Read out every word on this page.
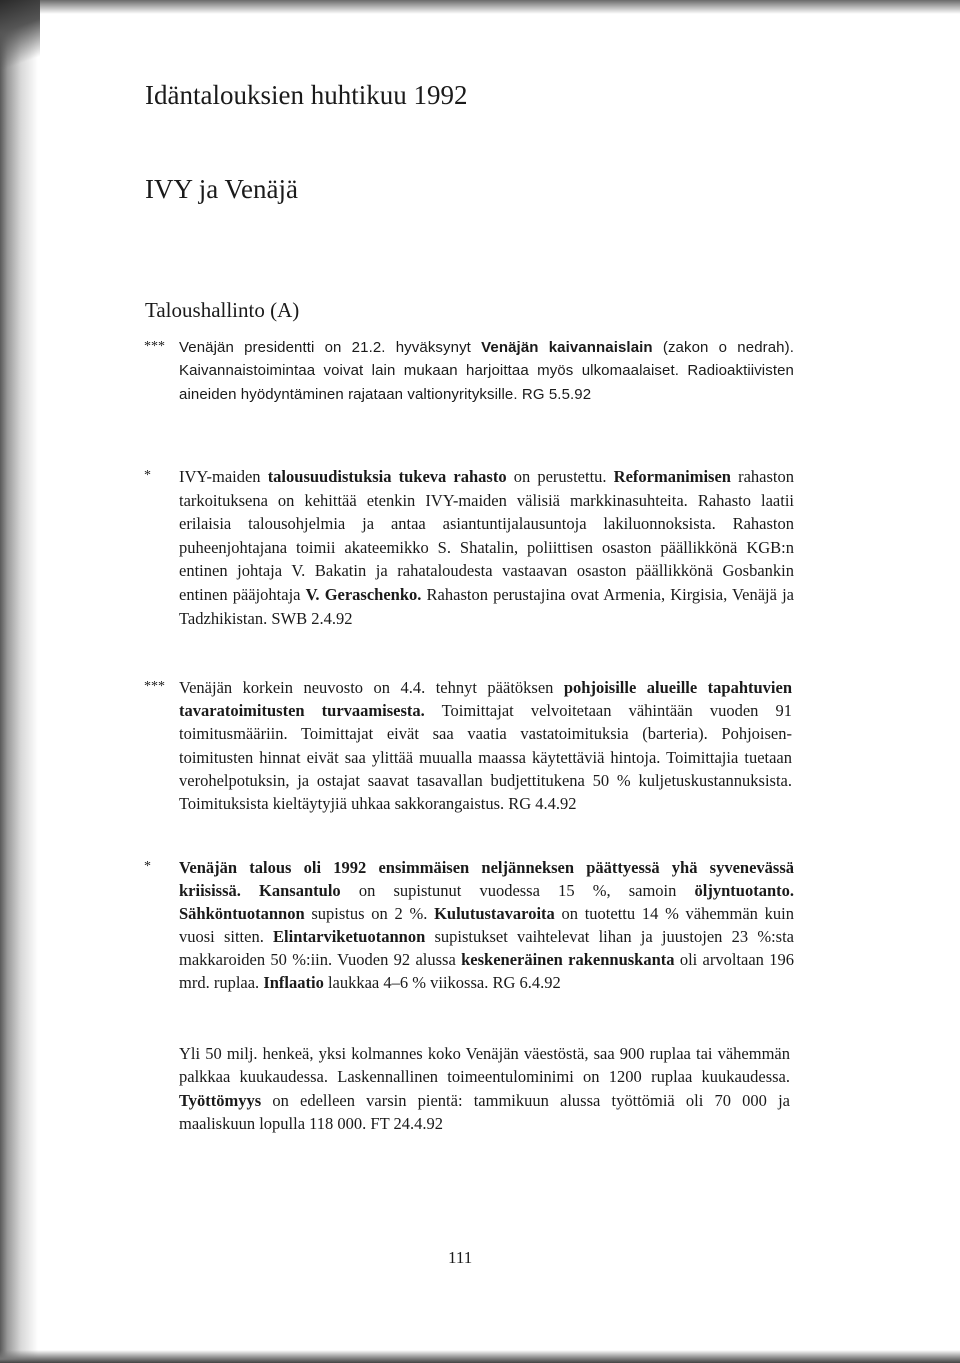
Idäntalouksien huhtikuu 1992
IVY ja Venäjä
Taloushallinto (A)
*** Venäjän presidentti on 21.2. hyväksynyt Venäjän kaivannaislain (zakon o nedrah). Kaivannaistoimintaa voivat lain mukaan harjoittaa myös ulkomaalaiset. Radioaktiivisten aineiden hyödyntäminen rajataan valtionyrityksille. RG 5.5.92

* IVY-maiden talousuudistuksia tukeva rahasto on perustettu. Reformanimisen rahaston tarkoituksena on kehittää etenkin IVY-maiden välisiä markkinasuhteita. Rahasto laatii erilaisia talousohjelmia ja antaa asiantuntijalausuntoja lakiluonnoksista. Rahaston puheenjohtajana toimii akateemikko S. Shatalin, poliittisen osaston päällikkönä KGB:n entinen johtaja V. Bakatin ja rahataloudesta vastaavan osaston päällikkönä Gosbankin entinen pääjohtaja V. Geraschenko. Rahaston perustajina ovat Armenia, Kirgisia, Venäjä ja Tadzhikistan. SWB 2.4.92

*** Venäjän korkein neuvosto on 4.4. tehnyt päätöksen pohjoisille alueille tapahtuvien tavaratoimitusten turvaamisesta. Toimittajat velvoitetaan vähintään vuoden 91 toimitusmääriin. Toimittajat eivät saa vaatia vastatoimituksia (barteria). Pohjoisen-toimitusten hinnat eivät saa ylittää muualla maassa käytettäviä hintoja. Toimittajia tuetaan verohelpotuksin, ja ostajat saavat tasavallan budjettitukena 50 % kuljetuskustannuksista. Toimituksista kieltäytyjiä uhkaa sakkorangaistus. RG 4.4.92

* Venäjän talous oli 1992 ensimmäisen neljänneksen päättyessä yhä syvenevässä kriisissä. Kansantulo on supistunut vuodessa 15 %, samoin öljyntuotanto. Sähköntuotannon supistus on 2 %. Kulutustavaroita on tuotettu 14 % vähemmän kuin vuosi sitten. Elintarviketuotannon supistukset vaihtelevat lihan ja juustojen 23 %:sta makkaroiden 50 %:iin. Vuoden 92 alussa keskeneräinen rakennuskanta oli arvoltaan 196 mrd. ruplaa. Inflaatio laukkaa 4–6 % viikossa. RG 6.4.92

Yli 50 milj. henkeä, yksi kolmannes koko Venäjän väestöstä, saa 900 ruplaa tai vähemmän palkkaa kuukaudessa. Laskennallinen toimeentulominimi on 1200 ruplaa kuukaudessa. Työttömyys on edelleen varsin pientä: tammikuun alussa työttömiä oli 70 000 ja maaliskuun lopulla 118 000. FT 24.4.92

111
